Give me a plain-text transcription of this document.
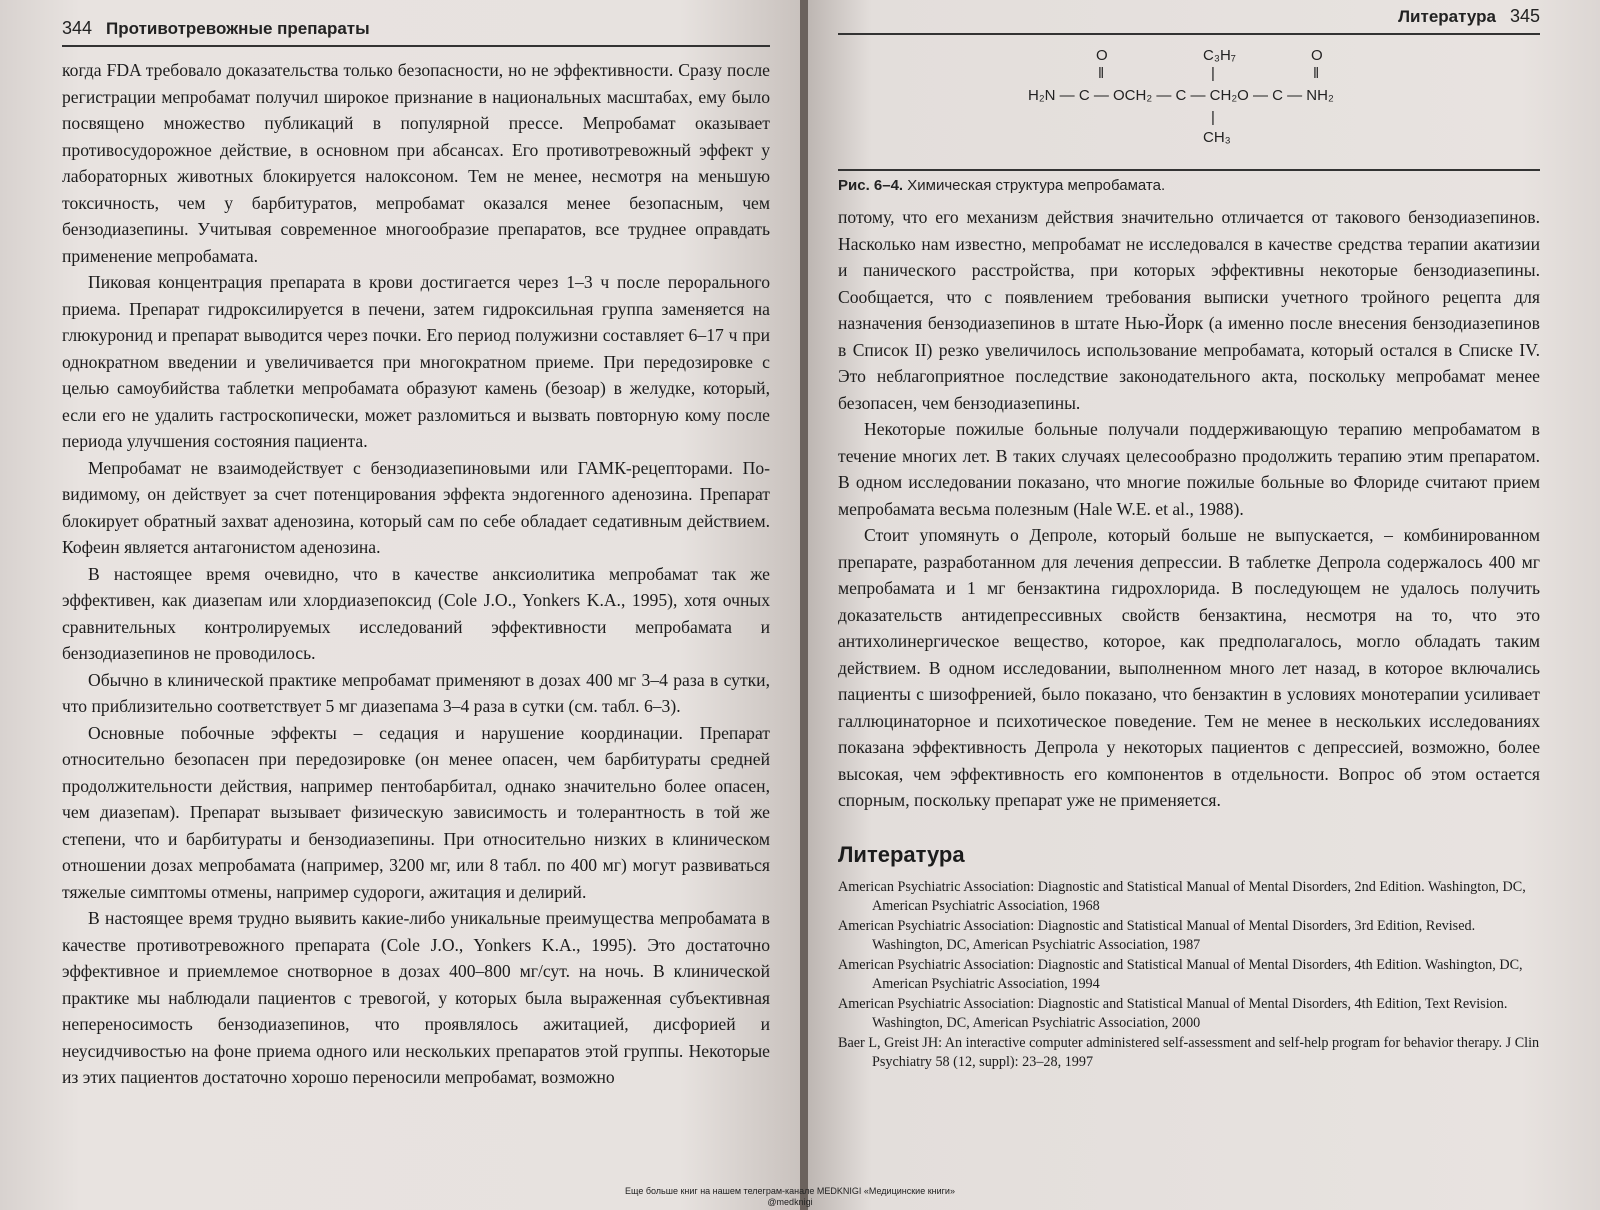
344 Противотревожные препараты

когда FDA требовало доказательства только безопасности, но не эффективности. Сразу после регистрации мепробамат получил широкое признание в национальных масштабах, ему было посвящено множество публикаций в популярной прессе. Мепробамат оказывает противосудорожное действие, в основном при абсансах. Его противотревожный эффект у лабораторных животных блокируется налоксоном. Тем не менее, несмотря на меньшую токсичность, чем у барбитуратов, мепробамат оказался менее безопасным, чем бензодиазепины. Учитывая современное многообразие препаратов, все труднее оправдать применение мепробамата.

Пиковая концентрация препарата в крови достигается через 1–3 ч после перорального приема. Препарат гидроксилируется в печени, затем гидроксильная группа заменяется на глюкуронид и препарат выводится через почки. Его период полужизни составляет 6–17 ч при однократном введении и увеличивается при многократном приеме. При передозировке с целью самоубийства таблетки мепробамата образуют камень (безоар) в желудке, который, если его не удалить гастроскопически, может разломиться и вызвать повторную кому после периода улучшения состояния пациента.

Мепробамат не взаимодействует с бензодиазепиновыми или ГАМК-рецепторами. По-видимому, он действует за счет потенцирования эффекта эндогенного аденозина. Препарат блокирует обратный захват аденозина, который сам по себе обладает седативным действием. Кофеин является антагонистом аденозина.

В настоящее время очевидно, что в качестве анксиолитика мепробамат так же эффективен, как диазепам или хлордиазепоксид (Cole J.O., Yonkers K.A., 1995), хотя очных сравнительных контролируемых исследований эффективности мепробамата и бензодиазепинов не проводилось.

Обычно в клинической практике мепробамат применяют в дозах 400 мг 3–4 раза в сутки, что приблизительно соответствует 5 мг диазепама 3–4 раза в сутки (см. табл. 6–3).

Основные побочные эффекты – седация и нарушение координации. Препарат относительно безопасен при передозировке (он менее опасен, чем барбитураты средней продолжительности действия, например пентобарбитал, однако значительно более опасен, чем диазепам). Препарат вызывает физическую зависимость и толерантность в той же степени, что и барбитураты и бензодиазепины. При относительно низких в клиническом отношении дозах мепробамата (например, 3200 мг, или 8 табл. по 400 мг) могут развиваться тяжелые симптомы отмены, например судороги, ажитация и делирий.

В настоящее время трудно выявить какие-либо уникальные преимущества мепробамата в качестве противотревожного препарата (Cole J.O., Yonkers K.A., 1995). Это достаточно эффективное и приемлемое снотворное в дозах 400–800 мг/сут. на ночь. В клинической практике мы наблюдали пациентов с тревогой, у которых была выраженная субъективная непереносимость бензодиазепинов, что проявлялось ажитацией, дисфорией и неусидчивостью на фоне приема одного или нескольких препаратов этой группы. Некоторые из этих пациентов достаточно хорошо переносили мепробамат, возможно

Литература 345
O
‖
C₃H₇
|
O
‖
H₂N — C — OCH₂ — C — CH₂O — C — NH₂
|
CH₃
Рис. 6–4. Химическая структура мепробамата.

потому, что его механизм действия значительно отличается от такового бензодиазепинов. Насколько нам известно, мепробамат не исследовался в качестве средства терапии акатизии и панического расстройства, при которых эффективны некоторые бензодиазепины. Сообщается, что с появлением требования выписки учетного тройного рецепта для назначения бензодиазепинов в штате Нью-Йорк (а именно после внесения бензодиазепинов в Список II) резко увеличилось использование мепробамата, который остался в Списке IV. Это неблагоприятное последствие законодательного акта, поскольку мепробамат менее безопасен, чем бензодиазепины.

Некоторые пожилые больные получали поддерживающую терапию мепробаматом в течение многих лет. В таких случаях целесообразно продолжить терапию этим препаратом. В одном исследовании показано, что многие пожилые больные во Флориде считают прием мепробамата весьма полезным (Hale W.E. et al., 1988).

Стоит упомянуть о Депроле, который больше не выпускается, – комбинированном препарате, разработанном для лечения депрессии. В таблетке Депрола содержалось 400 мг мепробамата и 1 мг бензактина гидрохлорида. В последующем не удалось получить доказательств антидепрессивных свойств бензактина, несмотря на то, что это антихолинергическое вещество, которое, как предполагалось, могло обладать таким действием. В одном исследовании, выполненном много лет назад, в которое включались пациенты с шизофренией, было показано, что бензактин в условиях монотерапии усиливает галлюцинаторное и психотическое поведение. Тем не менее в нескольких исследованиях показана эффективность Депрола у некоторых пациентов с депрессией, возможно, более высокая, чем эффективность его компонентов в отдельности. Вопрос об этом остается спорным, поскольку препарат уже не применяется.

Литература
American Psychiatric Association: Diagnostic and Statistical Manual of Mental Disorders, 2nd Edition. Washington, DC, American Psychiatric Association, 1968
American Psychiatric Association: Diagnostic and Statistical Manual of Mental Disorders, 3rd Edition, Revised. Washington, DC, American Psychiatric Association, 1987
American Psychiatric Association: Diagnostic and Statistical Manual of Mental Disorders, 4th Edition. Washington, DC, American Psychiatric Association, 1994
American Psychiatric Association: Diagnostic and Statistical Manual of Mental Disorders, 4th Edition, Text Revision. Washington, DC, American Psychiatric Association, 2000
Baer L, Greist JH: An interactive computer administered self-assessment and self-help program for behavior therapy. J Clin Psychiatry 58 (12, suppl): 23–28, 1997
Еще больше книг на нашем телеграм-канале MEDKNIGI «Медицинские книги»
@medknigi
